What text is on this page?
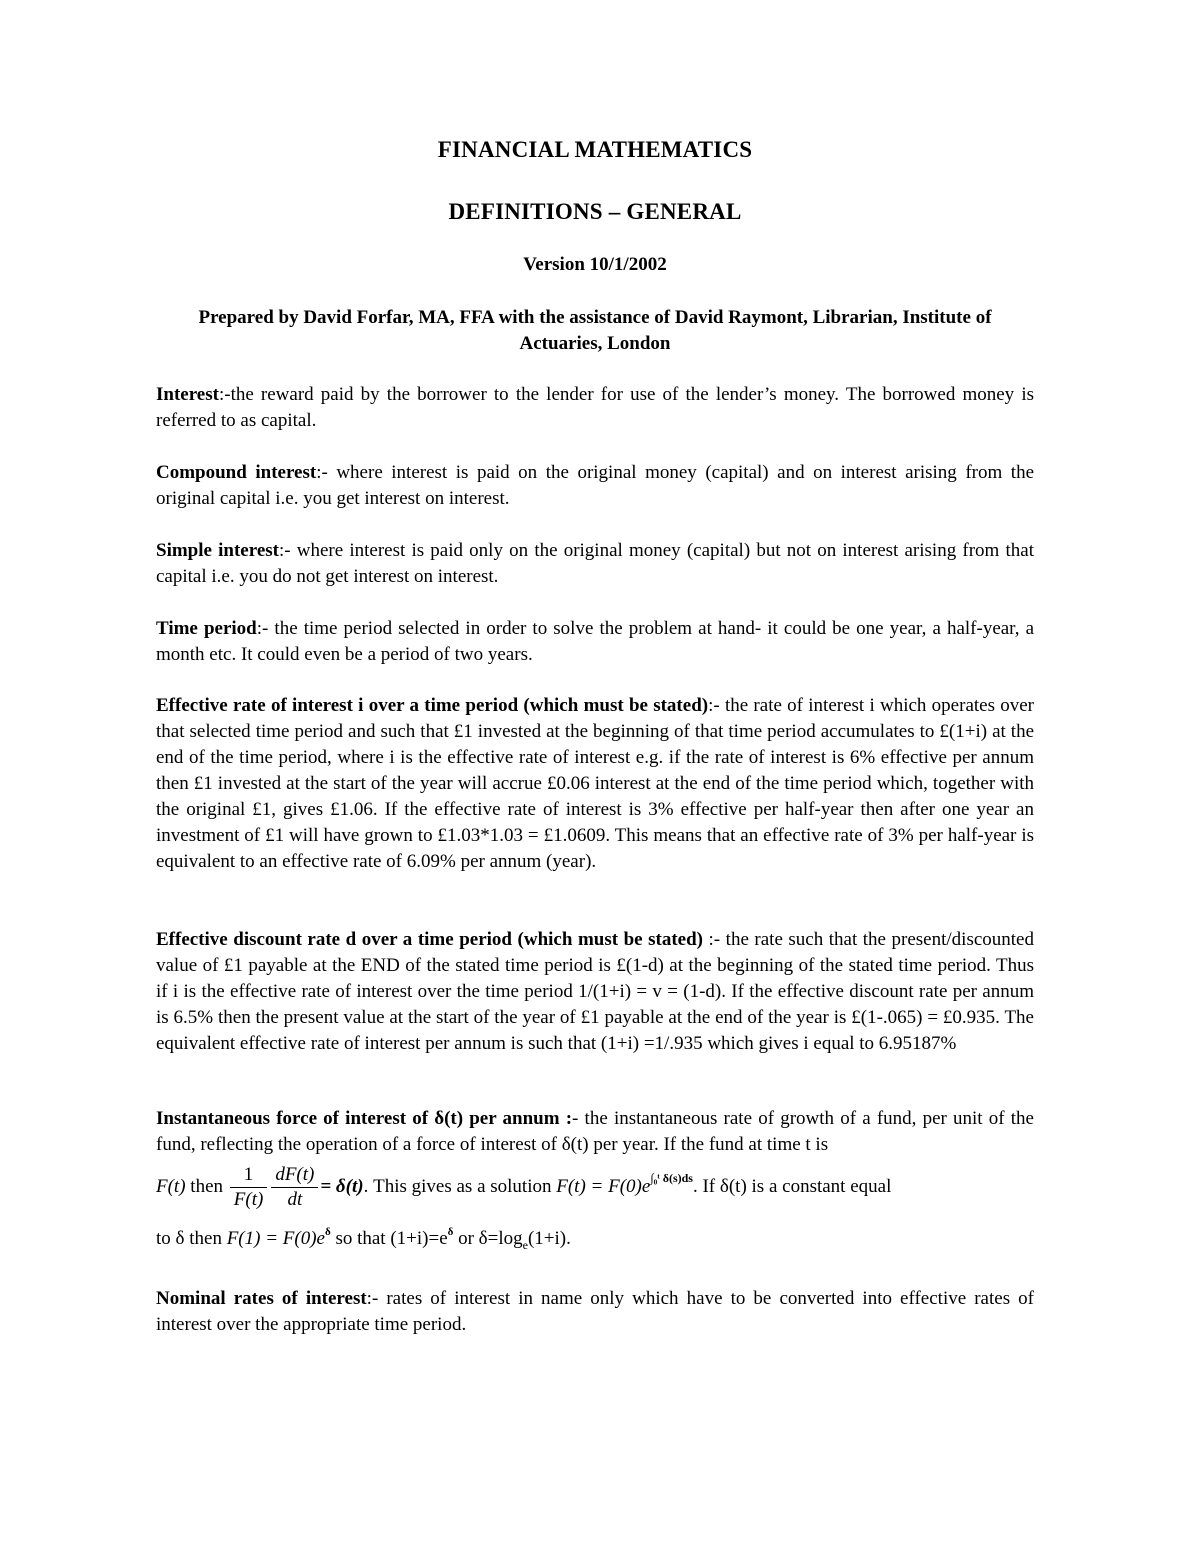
FINANCIAL MATHEMATICS
DEFINITIONS – GENERAL
Version 10/1/2002
Prepared by David Forfar, MA, FFA with the assistance of David Raymont, Librarian, Institute of Actuaries, London
Interest:-the reward paid by the borrower to the lender for use of the lender’s money. The borrowed money is referred to as capital.
Compound interest:- where interest is paid on the original money (capital) and on interest arising from the original capital i.e. you get interest on interest.
Simple interest:- where interest is paid only on the original money (capital) but not on interest arising from that capital i.e. you do not get interest on interest.
Time period:- the time period selected in order to solve the problem at hand- it could be one year, a half-year, a month etc. It could even be a period of two years.
Effective rate of interest i over a time period (which must be stated):- the rate of interest i which operates over that selected time period and such that £1 invested at the beginning of that time period accumulates to £(1+i) at the end of the time period, where i is the effective rate of interest e.g. if the rate of interest is 6% effective per annum then £1 invested at the start of the year will accrue £0.06 interest at the end of the time period which, together with the original £1, gives £1.06. If the effective rate of interest is 3% effective per half-year then after one year an investment of £1 will have grown to £1.03*1.03 = £1.0609. This means that an effective rate of 3% per half-year is equivalent to an effective rate of 6.09% per annum (year).
Effective discount rate d over a time period (which must be stated) :- the rate such that the present/discounted value of £1 payable at the END of the stated time period is £(1-d) at the beginning of the stated time period. Thus if i is the effective rate of interest over the time period 1/(1+i) = v = (1-d). If the effective discount rate per annum is 6.5% then the present value at the start of the year of £1 payable at the end of the year is £(1-.065) = £0.935. The equivalent effective rate of interest per annum is such that (1+i) =1/.935 which gives i equal to 6.95187%
Instantaneous force of interest of δ(t) per annum :- the instantaneous rate of growth of a fund, per unit of the fund, reflecting the operation of a force of interest of δ(t) per year. If the fund at time t is
F(t) then $\frac{1}{F(t)} \frac{dF(t)}{dt} = \delta(t)$. This gives as a solution $F(t) = F(0)e^{\int_0ᵗ \delta(s)ds}$. If δ(t) is a constant equal
to δ then $F(1) = F(0)e^\delta$ so that $(1+i)=e^\delta$ or $\delta=\log_e(1+i)$.
Nominal rates of interest:- rates of interest in name only which have to be converted into effective rates of interest over the appropriate time period.
